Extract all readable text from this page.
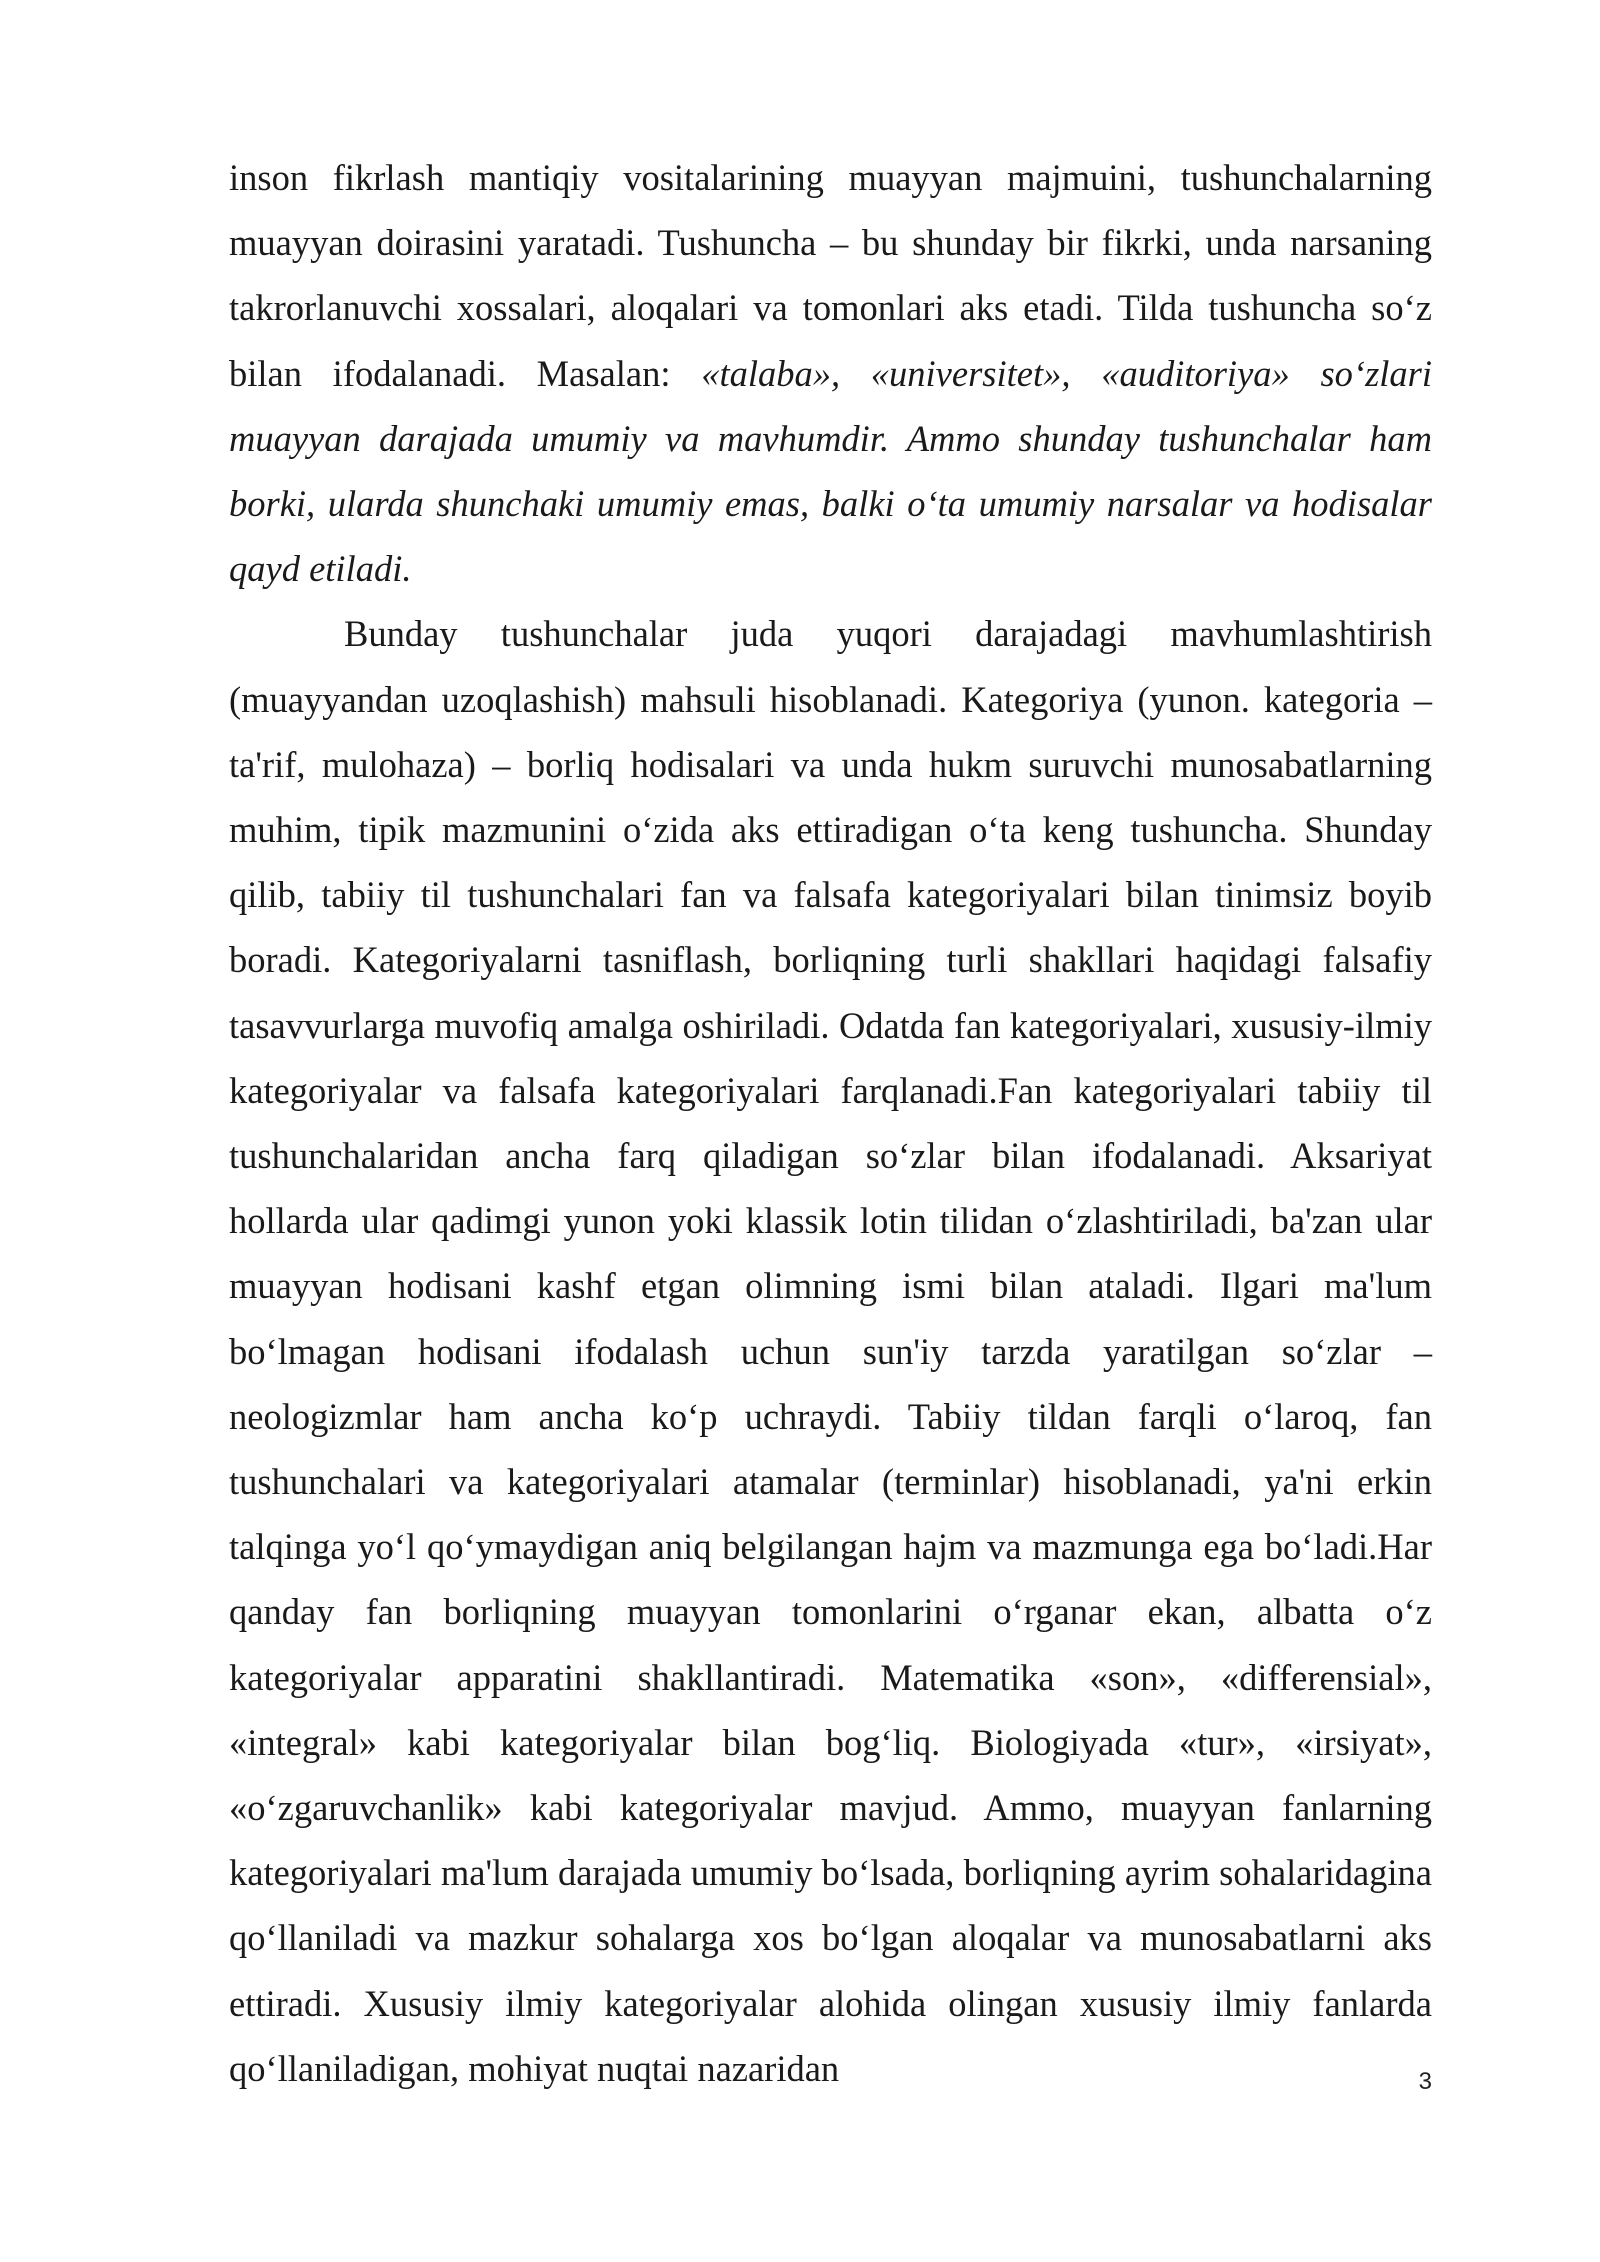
inson fikrlash mantiqiy vositalarining muayyan majmuini, tushunchalarning muayyan doirasini yaratadi. Tushuncha – bu shunday bir fikrki, unda narsaning takrorlanuvchi xossalari, aloqalari va tomonlari aks etadi. Tilda tushuncha so‘z bilan ifodalanadi. Masalan: «talaba», «universitet», «auditoriya» so‘zlari muayyan darajada umumiy va mavhumdir. Ammo shunday tushunchalar ham borki, ularda shunchaki umumiy emas, balki o‘ta umumiy narsalar va hodisalar qayd etiladi.

Bunday tushunchalar juda yuqori darajadagi mavhumlashtirish (muayyandan uzoqlashish) mahsuli hisoblanadi. Kategoriya (yunon. kategoria – ta'rif, mulohaza) – borliq hodisalari va unda hukm suruvchi munosabatlarning muhim, tipik mazmunini o‘zida aks ettiradigan o‘ta keng tushuncha. Shunday qilib, tabiiy til tushunchalari fan va falsafa kategoriyalari bilan tinimsiz boyib boradi. Kategoriyalarni tasniflash, borliqning turli shakllari haqidagi falsafiy tasavvurlarga muvofiq amalga oshiriladi. Odatda fan kategoriyalari, xususiy-ilmiy kategoriyalar va falsafa kategoriyalari farqlanadi.Fan kategoriyalari tabiiy til tushunchalaridan ancha farq qiladigan so‘zlar bilan ifodalanadi. Aksariyat hollarda ular qadimgi yunon yoki klassik lotin tilidan o‘zlashtiriladi, ba'zan ular muayyan hodisani kashf etgan olimning ismi bilan ataladi. Ilgari ma'lum bo‘lmagan hodisani ifodalash uchun sun'iy tarzda yaratilgan so‘zlar – neologizmlar ham ancha ko‘p uchraydi. Tabiiy tildan farqli o‘laroq, fan tushunchalari va kategoriyalari atamalar (terminlar) hisoblanadi, ya'ni erkin talqinga yo‘l qo‘ymaydigan aniq belgilangan hajm va mazmunga ega bo‘ladi.Har qanday fan borliqning muayyan tomonlarini o‘rganar ekan, albatta o‘z kategoriyalar apparatini shakllantiradi. Matematika «son», «differensial», «integral» kabi kategoriyalar bilan bog‘liq. Biologiyada «tur», «irsiyat», «o‘zgaruvchanlik» kabi kategoriyalar mavjud. Ammo, muayyan fanlarning kategoriyalari ma'lum darajada umumiy bo‘lsada, borliqning ayrim sohalaridagina qo‘llaniladi va mazkur sohalarga xos bo‘lgan aloqalar va munosabatlarni aks ettiradi. Xususiy ilmiy kategoriyalar alohida olingan xususiy ilmiy fanlarda qo‘llaniladigan, mohiyat nuqtai nazaridan	3
